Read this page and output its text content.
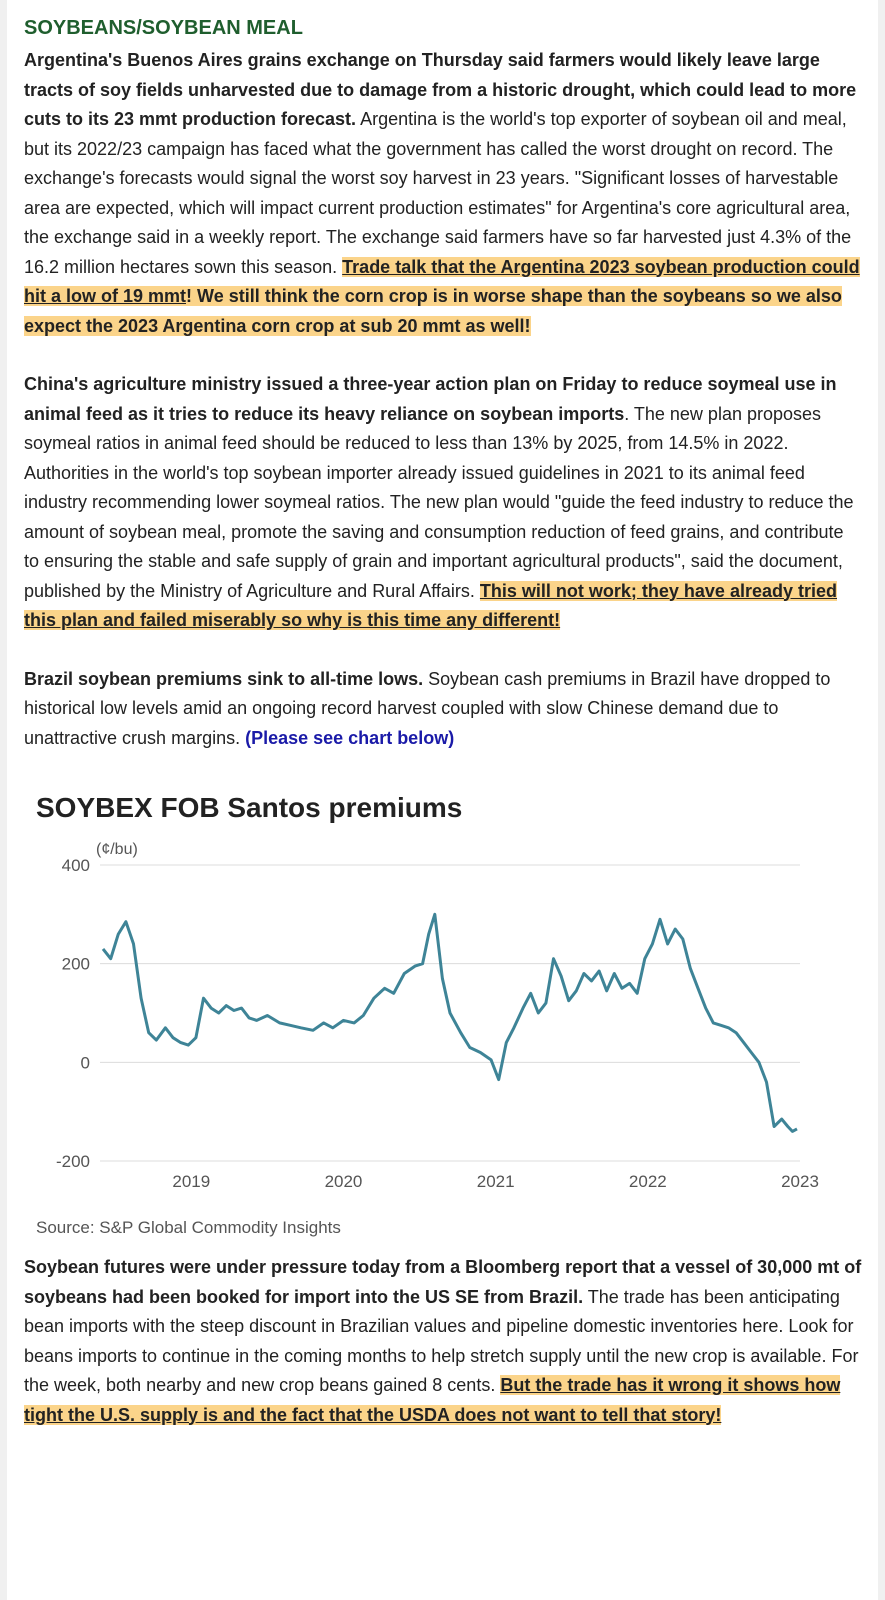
SOYBEANS/SOYBEAN MEAL

Argentina's Buenos Aires grains exchange on Thursday said farmers would likely leave large tracts of soy fields unharvested due to damage from a historic drought, which could lead to more cuts to its 23 mmt production forecast. Argentina is the world's top exporter of soybean oil and meal, but its 2022/23 campaign has faced what the government has called the worst drought on record. The exchange's forecasts would signal the worst soy harvest in 23 years. "Significant losses of harvestable area are expected, which will impact current production estimates" for Argentina's core agricultural area, the exchange said in a weekly report. The exchange said farmers have so far harvested just 4.3% of the 16.2 million hectares sown this season. Trade talk that the Argentina 2023 soybean production could hit a low of 19 mmt! We still think the corn crop is in worse shape than the soybeans so we also expect the 2023 Argentina corn crop at sub 20 mmt as well!

China's agriculture ministry issued a three-year action plan on Friday to reduce soymeal use in animal feed as it tries to reduce its heavy reliance on soybean imports. The new plan proposes soymeal ratios in animal feed should be reduced to less than 13% by 2025, from 14.5% in 2022. Authorities in the world's top soybean importer already issued guidelines in 2021 to its animal feed industry recommending lower soymeal ratios. The new plan would "guide the feed industry to reduce the amount of soybean meal, promote the saving and consumption reduction of feed grains, and contribute to ensuring the stable and safe supply of grain and important agricultural products", said the document, published by the Ministry of Agriculture and Rural Affairs. This will not work; they have already tried this plan and failed miserably so why is this time any different!

Brazil soybean premiums sink to all-time lows. Soybean cash premiums in Brazil have dropped to historical low levels amid an ongoing record harvest coupled with slow Chinese demand due to unattractive crush margins. (Please see chart below)

SOYBEX FOB Santos premiums
(¢/bu)
400
200
0
-200
2019	2020	2021	2022	2023
Source: S&P Global Commodity Insights

Soybean futures were under pressure today from a Bloomberg report that a vessel of 30,000 mt of soybeans had been booked for import into the US SE from Brazil. The trade has been anticipating bean imports with the steep discount in Brazilian values and pipeline domestic inventories here. Look for beans imports to continue in the coming months to help stretch supply until the new crop is available. For the week, both nearby and new crop beans gained 8 cents. But the trade has it wrong it shows how tight the U.S. supply is and the fact that the USDA does not want to tell that story!
